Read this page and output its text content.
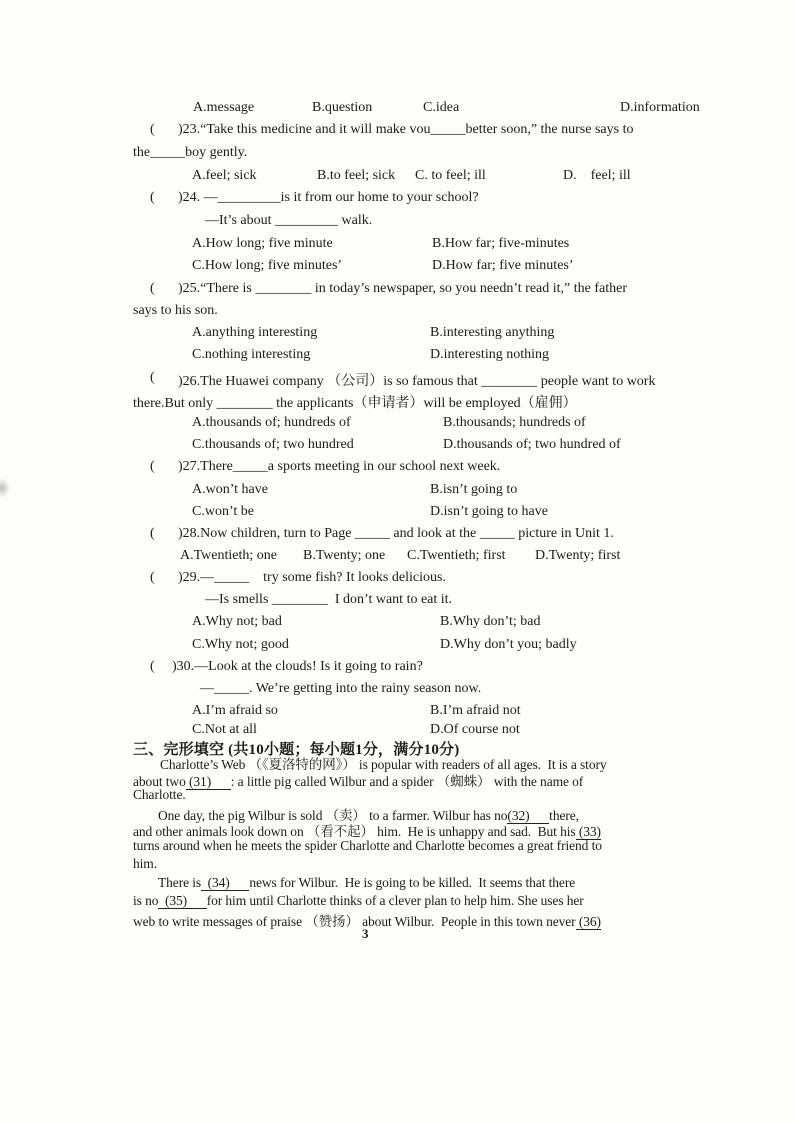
A.message	B.question	C.idea	D.information
( )23.“Take this medicine and it will make vou_____better soon,” the nurse says to
the_____boy gently.
A.feel; sick	B.to feel; sick C. to feel; ill	D.    feel; ill
( )24. —_________is it from our home to your school?
—It’s about _________ walk.
A.How long; five minute	B.How far; five-minutes
C.How long; five minutes’	D.How far; five minutes’
( )25.“There is ________ in today’s newspaper, so you needn’t read it,” the father
says to his son.
A.anything interesting	B.interesting anything
C.nothing interesting	D.interesting nothing
( )26.The Huawei company （公司）is so famous that ________ people want to work
there.But only ________ the applicants（申请者）will be employed（雇佣）
A.thousands of; hundreds of	B.thousands; hundreds of
C.thousands of; two hundred	D.thousands of; two hundred of
( )27.There_____a sports meeting in our school next week.
A.won’t have	B.isn’t going to
C.won’t be	D.isn’t going to have
( )28.Now children, turn to Page _____ and look at the _____ picture in Unit 1.
A.Twentieth; one B.Twenty; one C.Twentieth; first D.Twenty; first
( )29.—_____    try some fish? It looks delicious.
—Is smells ________  I don’t want to eat it.
A.Why not; bad	B.Why don’t; bad
C.Why not; good	D.Why don’t you; badly
( )30.—Look at the clouds! Is it going to rain?
—_____. We’re getting into the rainy season now.
A.I’m afraid so	B.I’m afraid not
C.Not at all	D.Of course not
三、完形填空 (共10小题；每小题1分，满分10分)
Charlotte’s Web （《夏洛特的网》） is popular with readers of all ages.  It is a story
about two (31)      : a little pig called Wilbur and a spider （蜘蛛） with the name of
Charlotte.
One day, the pig Wilbur is sold （卖） to a farmer. Wilbur has no(32)      there,
and other animals look down on （看不起） him.  He is unhappy and sad.  But his (33)
turns around when he meets the spider Charlotte and Charlotte becomes a great friend to
him.
There is  (34)      news for Wilbur.  He is going to be killed.  It seems that there
is no  (35)      for him until Charlotte thinks of a clever plan to help him. She uses her
web to write messages of praise （赞扬） about Wilbur.  People in this town never (36)
3
